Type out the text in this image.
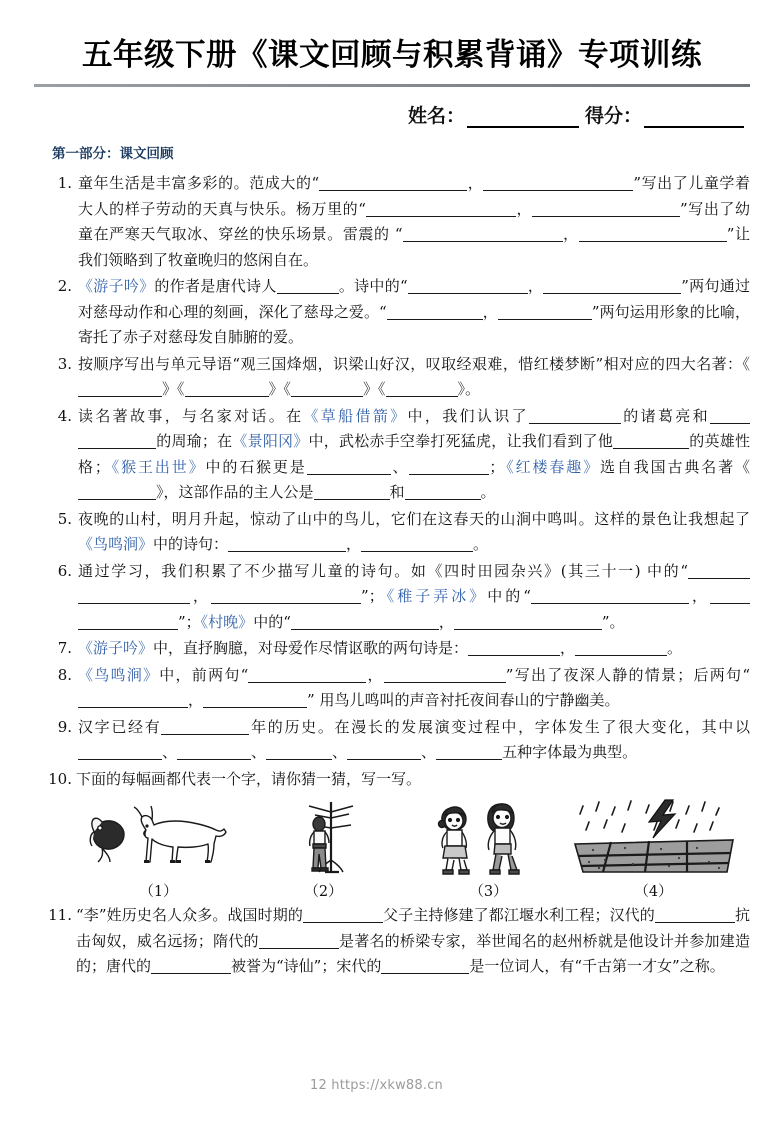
五年级下册《课文回顾与积累背诵》专项训练
姓名：	得分：
第一部分：课文回顾
1. 童年生活是丰富多彩的。范成大的“	，	”写出了儿童学着大人的样子劳动的天真与快乐。杨万里的“	，	”写出了幼童在严寒天气取冰、穿丝的快乐场景。雷震的 “	，	”让我们领略到了牧童晚归的悠闲自在。
2. 《游子吟》的作者是唐代诗人	。诗中的“	，	”两句通过对慈母动作和心理的刻画，深化了慈母之爱。“	，	”两句运用形象的比喻，寄托了赤子对慈母发自肺腑的爱。
3. 按顺序写出与单元导语“观三国烽烟，识梁山好汉，叹取经艰难，惜红楼梦断”相对应的四大名著：《》《	》《	》《	》。
4. 读名著故事，与名家对话。在《草船借箭》中，我们认识了	的诸葛亮和的周瑜；在《景阳冈》中，武松赤手空拳打死猛虎，让我们看到了他	的英雄性格；《猴王出世》中的石猴更是	、	；《红楼春趣》选自我国古典名著《》，这部作品的主人公是	和	。
5. 夜晚的山村，明月升起，惊动了山中的鸟儿，它们在这春天的山涧中鸣叫。这样的景色让我想起了《鸟鸣涧》中的诗句：	，	。
6. 通过学习，我们积累了不少描写儿童的诗句。如《四时田园杂兴》(其三十一) 中的“，	”；《稚子弄冰》中的“	，”；《村晚》中的“	，	”。
7. 《游子吟》中，直抒胸臆，对母爱作尽情讴歌的两句诗是：	，	。
8. 《鸟鸣涧》中，前两句“	，	”写出了夜深人静的情景；后两句“，	” 用鸟儿鸣叫的声音衬托夜间春山的宁静幽美。
9. 汉字已经有	年的历史。在漫长的发展演变过程中，字体发生了很大变化，其中以、	、	、	、	五种字体最为典型。
10. 下面的每幅画都代表一个字，请你猜一猜，写一写。
（1）	（2）	（3）	（4）
11. “李”姓历史名人众多。战国时期的	父子主持修建了都江堰水利工程；汉代的	抗击匈奴，威名远扬；隋代的	是著名的桥梁专家，举世闻名的赵州桥就是他设计并参加建造的；唐代的	被誉为“诗仙”；宋代的	是一位词人，有“千古第一才女”之称。
12 https://xkw88.cn
